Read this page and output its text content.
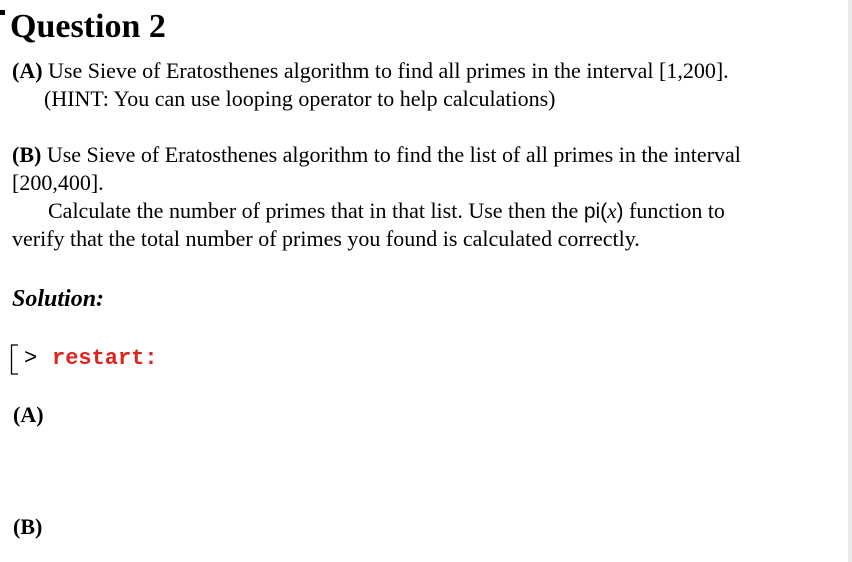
Question 2
(A) Use Sieve of Eratosthenes algorithm to find all primes in the interval [1,200].
(HINT: You can use looping operator to help calculations)
(B) Use Sieve of Eratosthenes algorithm to find the list of all primes in the interval
[200,400].
Calculate the number of primes that in that list. Use then the pi(x) function to
verify that the total number of primes you found is calculated correctly.
Solution:
> restart:
(A)
(B)
